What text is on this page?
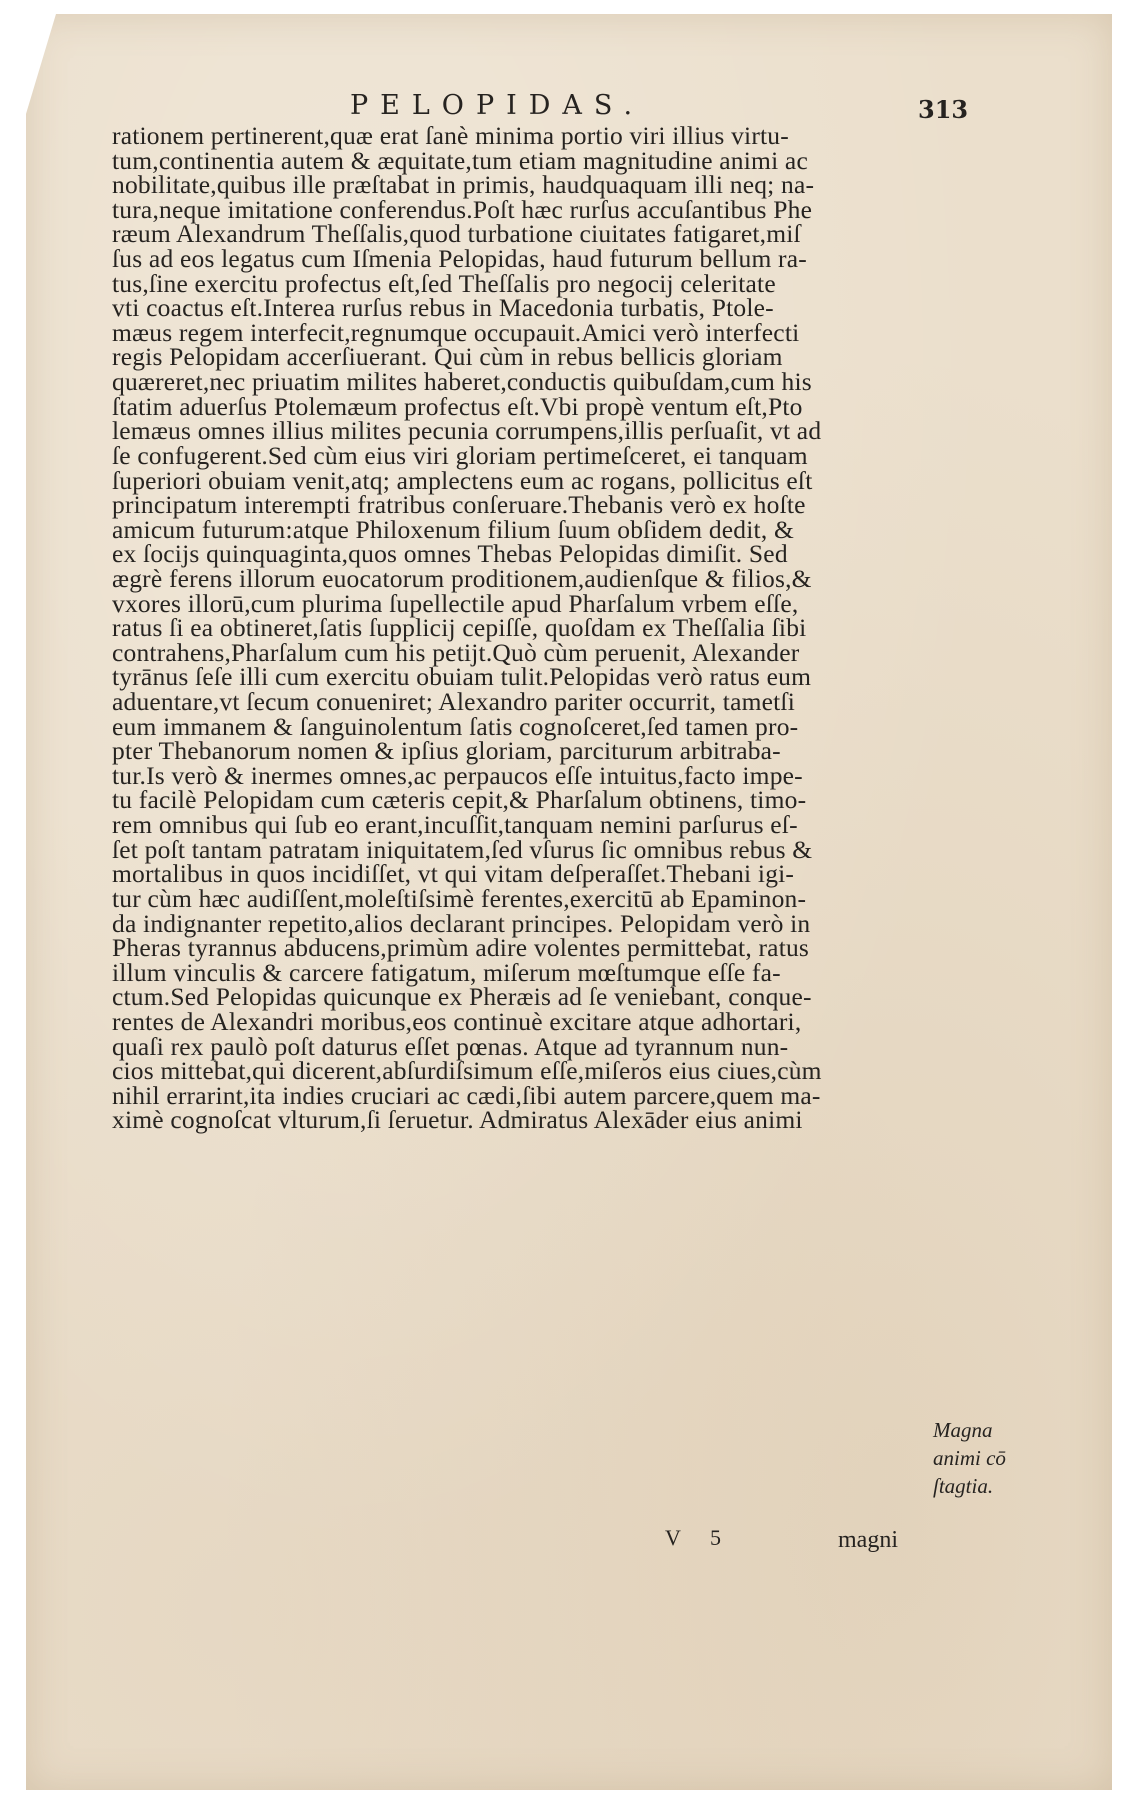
PELOPIDAS.	313
rationem pertinerent,quæ erat ſanè minima portio viri illius virtu-
tum,continentia autem & æquitate,tum etiam magnitudine animi ac
nobilitate,quibus ille præſtabat in primis, haudquaquam illi neq; na-
tura,neque imitatione conferendus.Poſt hæc rurſus accuſantibus Phe
ræum Alexandrum Theſſalis,quod turbatione ciuitates fatigaret,miſ
ſus ad eos legatus cum Iſmenia Pelopidas, haud futurum bellum ra-
tus,ſine exercitu profectus eſt,ſed Theſſalis pro negocij celeritate
vti coactus eſt.Interea rurſus rebus in Macedonia turbatis, Ptole-
mæus regem interfecit,regnumque occupauit.Amici verò interfecti
regis Pelopidam accerſiuerant. Qui cùm in rebus bellicis gloriam
quæreret,nec priuatim milites haberet,conductis quibuſdam,cum his
ſtatim aduerſus Ptolemæum profectus eſt.Vbi propè ventum eſt,Pto
lemæus omnes illius milites pecunia corrumpens,illis perſuaſit, vt ad
ſe confugerent.Sed cùm eius viri gloriam pertimeſceret, ei tanquam
ſuperiori obuiam venit,atq; amplectens eum ac rogans, pollicitus eſt
principatum interempti fratribus conſeruare.Thebanis verò ex hoſte
amicum futurum:atque Philoxenum filium ſuum obſidem dedit, &
ex ſocijs quinquaginta,quos omnes Thebas Pelopidas dimiſit. Sed
ægrè ferens illorum euocatorum proditionem,audienſque & filios,&
vxores illorū,cum plurima ſupellectile apud Pharſalum vrbem eſſe,
ratus ſi ea obtineret,ſatis ſupplicij cepiſſe, quoſdam ex Theſſalia ſibi
contrahens,Pharſalum cum his petijt.Quò cùm peruenit, Alexander
tyrānus ſeſe illi cum exercitu obuiam tulit.Pelopidas verò ratus eum
aduentare,vt ſecum conueniret; Alexandro pariter occurrit, tametſi
eum immanem & ſanguinolentum ſatis cognoſceret,ſed tamen pro-
pter Thebanorum nomen & ipſius gloriam, parciturum arbitraba-
tur.Is verò & inermes omnes,ac perpaucos eſſe intuitus,facto impe-
tu facilè Pelopidam cum cæteris cepit,& Pharſalum obtinens, timo-
rem omnibus qui ſub eo erant,incuſſit,tanquam nemini parſurus eſ-
ſet poſt tantam patratam iniquitatem,ſed vſurus ſic omnibus rebus &
mortalibus in quos incidiſſet, vt qui vitam deſperaſſet.Thebani igi-
tur cùm hæc audiſſent,moleſtiſsimè ferentes,exercitū ab Epaminon-
da indignanter repetito,alios declarant principes. Pelopidam verò in
Pheras tyrannus abducens,primùm adire volentes permittebat, ratus
illum vinculis & carcere fatigatum, miſerum mœſtumque eſſe fa-
ctum.Sed Pelopidas quicunque ex Pheræis ad ſe veniebant, conque-
rentes de Alexandri moribus,eos continuè excitare atque adhortari,
quaſi rex paulò poſt daturus eſſet pœnas. Atque ad tyrannum nun-
cios mittebat,qui dicerent,abſurdiſsimum eſſe,miſeros eius ciues,cùm
nihil errarint,ita indies cruciari ac cædi,ſibi autem parcere,quem ma-
ximè cognoſcat vlturum,ſi ſeruetur. Admiratus Alexāder eius animi
Magna
animi cō
ſtagtia.
V 5	magni
